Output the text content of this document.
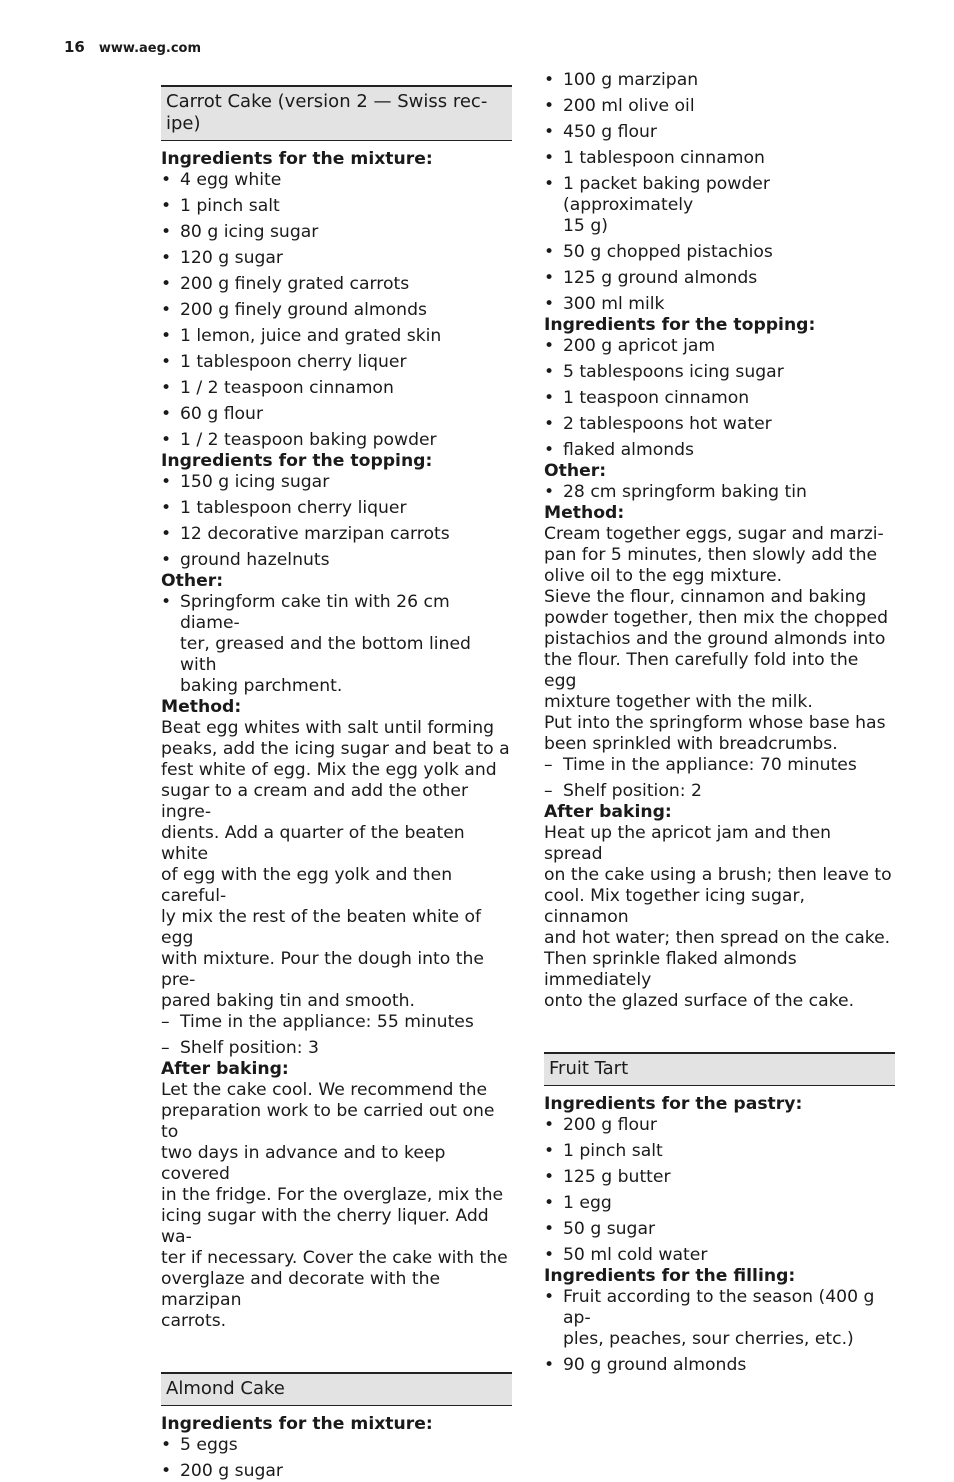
16 www.aeg.com
Carrot Cake (version 2 — Swiss rec-
ipe)
Ingredients for the mixture:
• 4 egg white
• 1 pinch salt
• 80 g icing sugar
• 120 g sugar
• 200 g finely grated carrots
• 200 g finely ground almonds
• 1 lemon, juice and grated skin
• 1 tablespoon cherry liquer
• 1 / 2 teaspoon cinnamon
• 60 g flour
• 1 / 2 teaspoon baking powder
Ingredients for the topping:
• 150 g icing sugar
• 1 tablespoon cherry liquer
• 12 decorative marzipan carrots
• ground hazelnuts
Other:
• Springform cake tin with 26 cm diame-
ter, greased and the bottom lined with
baking parchment.
Method:

Beat egg whites with salt until forming

peaks, add the icing sugar and beat to a

fest white of egg. Mix the egg yolk and

sugar to a cream and add the other ingre-

dients. Add a quarter of the beaten white

of egg with the egg yolk and then careful-

ly mix the rest of the beaten white of egg

with mixture. Pour the dough into the pre-

pared baking tin and smooth.

– Time in the appliance: 55 minutes
– Shelf position: 3
After baking:

Let the cake cool. We recommend the

preparation work to be carried out one to

two days in advance and to keep covered

in the fridge. For the overglaze, mix the

icing sugar with the cherry liquer. Add wa-

ter if necessary. Cover the cake with the

overglaze and decorate with the marzipan

carrots.

Almond Cake
Ingredients for the mixture:
• 5 eggs
• 200 g sugar
• 100 g marzipan
• 200 ml olive oil
• 450 g flour
• 1 tablespoon cinnamon
• 1 packet baking powder (approximately
15 g)
• 50 g chopped pistachios
• 125 g ground almonds
• 300 ml milk
Ingredients for the topping:
• 200 g apricot jam
• 5 tablespoons icing sugar
• 1 teaspoon cinnamon
• 2 tablespoons hot water
• flaked almonds
Other:
• 28 cm springform baking tin
Method:

Cream together eggs, sugar and marzi-

pan for 5 minutes, then slowly add the

olive oil to the egg mixture.

Sieve the flour, cinnamon and baking

powder together, then mix the chopped

pistachios and the ground almonds into

the flour. Then carefully fold into the egg

mixture together with the milk.

Put into the springform whose base has

been sprinkled with breadcrumbs.

– Time in the appliance: 70 minutes
– Shelf position: 2
After baking:

Heat up the apricot jam and then spread

on the cake using a brush; then leave to

cool. Mix together icing sugar, cinnamon

and hot water; then spread on the cake.

Then sprinkle flaked almonds immediately

onto the glazed surface of the cake.

Fruit Tart
Ingredients for the pastry:
• 200 g flour
• 1 pinch salt
• 125 g butter
• 1 egg
• 50 g sugar
• 50 ml cold water
Ingredients for the filling:
• Fruit according to the season (400 g ap-
ples, peaches, sour cherries, etc.)
• 90 g ground almonds
